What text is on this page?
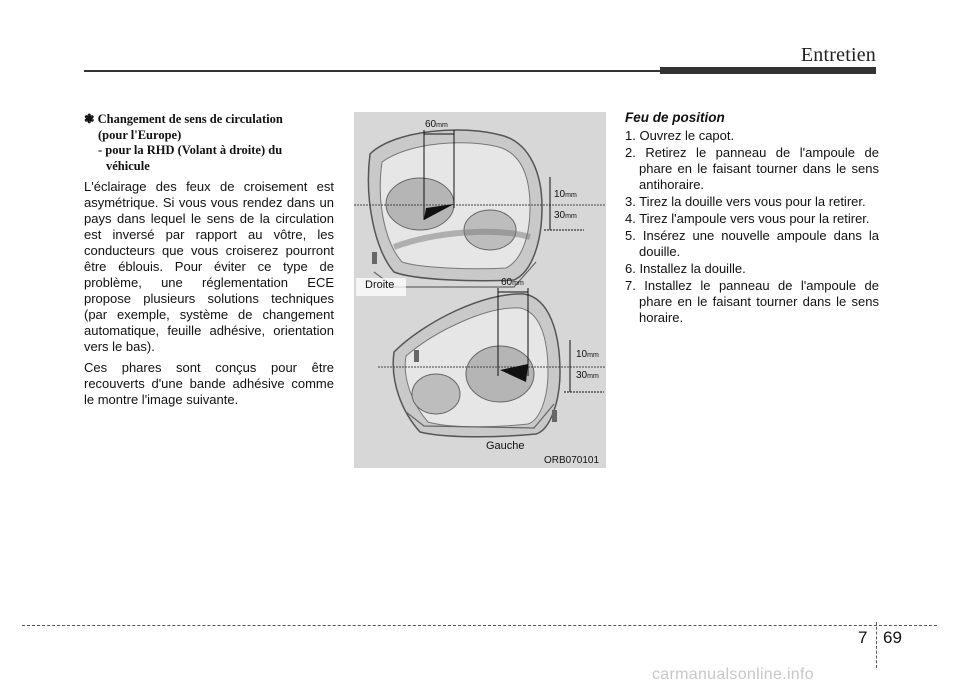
Entretien

❃ Changement de sens de circulation
(pour l'Europe)
- pour la RHD (Volant à droite) du
véhicule

L'éclairage des feux de croisement est asymétrique. Si vous vous rendez dans un pays dans lequel le sens de la circulation est inversé par rapport au vôtre, les conducteurs que vous croiserez pourront être éblouis. Pour éviter ce type de problème, une réglementation ECE propose plusieurs solutions techniques (par exemple, système de changement automatique, feuille adhésive, orientation vers le bas).

Ces phares sont conçus pour être recouverts d'une bande adhésive comme le montre l'image suivante.

60mm
10mm
30mm
Droite	60mm
10mm
30mm
Gauche
ORB070101

Feu de position

1. Ouvrez le capot.
2. Retirez le panneau de l'ampoule de phare en le faisant tourner dans le sens antihoraire.
3. Tirez la douille vers vous pour la retirer.
4. Tirez l'ampoule vers vous pour la retirer.
5. Insérez une nouvelle ampoule dans la douille.
6. Installez la douille.
7. Installez le panneau de l'ampoule de phare en le faisant tourner dans le sens horaire.
7 69
carmanualsonline.info
